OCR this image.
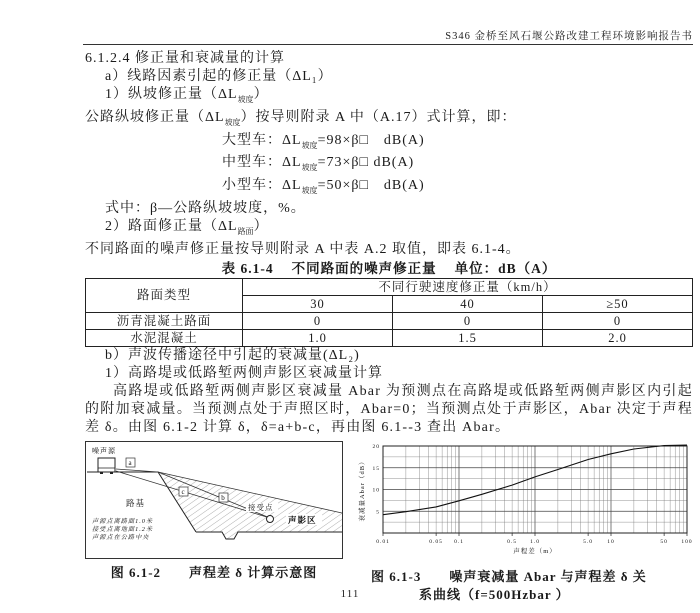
S346 金桥至风石堰公路改建工程环境影响报告书
6.1.2.4 修正量和衰减量的计算
a）线路因素引起的修正量（ΔL₁）
1）纵坡修正量$(\Delta L_{坡度})$
公路纵坡修正量$(\Delta L_{坡度})$按导则附录 A 中（A.17）式计算，即：
大型车：$\Delta L_{坡度}=98\times\beta□$　dB(A)
中型车：$\Delta L_{坡度}=73\times\beta□$ dB(A)
小型车：$\Delta L_{坡度}=50\times\beta□$　dB(A)
式中：β—公路纵坡坡度，%。
2）路面修正量$(\Delta L_{路面})$
不同路面的噪声修正量按导则附录 A 中表 A.2 取值，即表 6.1-4。
表 6.1-4 不同路面的噪声修正量 单位：dB（A）
路面类型	不同行驶速度修正量（km/h）		
	30	40	≥50
沥青混凝土路面	0	0	0
水泥混凝土	1.0	1.5	2.0
b）声波传播途径中引起的衰减量(ΔL₂)
1）高路堤或低路堑两侧声影区衰减量计算
高路堤或低路堑两侧声影区衰减量 Abar 为预测点在高路堤或低路堑两侧声影区内引起的附加衰减量。当预测点处于声照区时，Abar=0；当预测点处于声影区，Abar 决定于声程差 δ。由图 6.1-2 计算 δ，δ=a+b-c，再由图 6.1--3 查出 Abar。
a
c
b
接受点
声影区
路基
噪声源
声源点离路面1.0米
接受点离地面1.2米
声源点在公路中央
图 6.1-2　　声程差 δ 计算示意图
0.01	0.05 0.1	0.5 1.0	5.0	10	50 100
5
10
15
20
声程差（m）
衰减量Abar（dB）
图 6.1-3　　噪声衰减量 Abar 与声程差 δ 关
系曲线（f=500Hzbar ）
111
